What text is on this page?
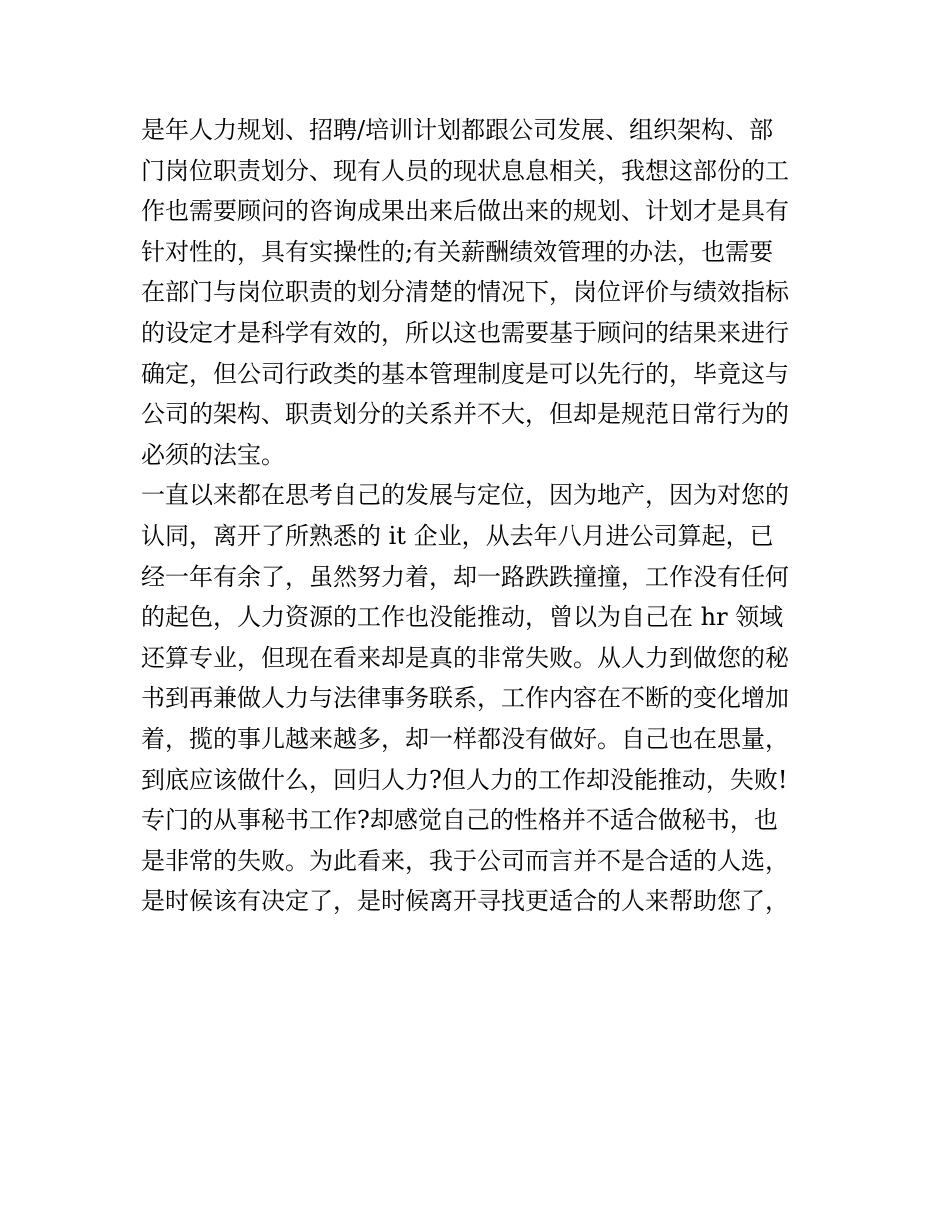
是年人力规划、招聘/培训计划都跟公司发展、组织架构、部
门岗位职责划分、现有人员的现状息息相关，我想这部份的工
作也需要顾问的咨询成果出来后做出来的规划、计划才是具有
针对性的，具有实操性的;有关薪酬绩效管理的办法，也需要
在部门与岗位职责的划分清楚的情况下，岗位评价与绩效指标
的设定才是科学有效的，所以这也需要基于顾问的结果来进行
确定，但公司行政类的基本管理制度是可以先行的，毕竟这与
公司的架构、职责划分的关系并不大，但却是规范日常行为的
必须的法宝。
一直以来都在思考自己的发展与定位，因为地产，因为对您的
认同，离开了所熟悉的 it 企业，从去年八月进公司算起，已
经一年有余了，虽然努力着，却一路跌跌撞撞，工作没有任何
的起色，人力资源的工作也没能推动，曾以为自己在 hr 领域
还算专业，但现在看来却是真的非常失败。从人力到做您的秘
书到再兼做人力与法律事务联系，工作内容在不断的变化增加
着，揽的事儿越来越多，却一样都没有做好。自己也在思量，
到底应该做什么，回归人力?但人力的工作却没能推动，失败!
专门的从事秘书工作?却感觉自己的性格并不适合做秘书，也
是非常的失败。为此看来，我于公司而言并不是合适的人选，
是时候该有决定了，是时候离开寻找更适合的人来帮助您了，
